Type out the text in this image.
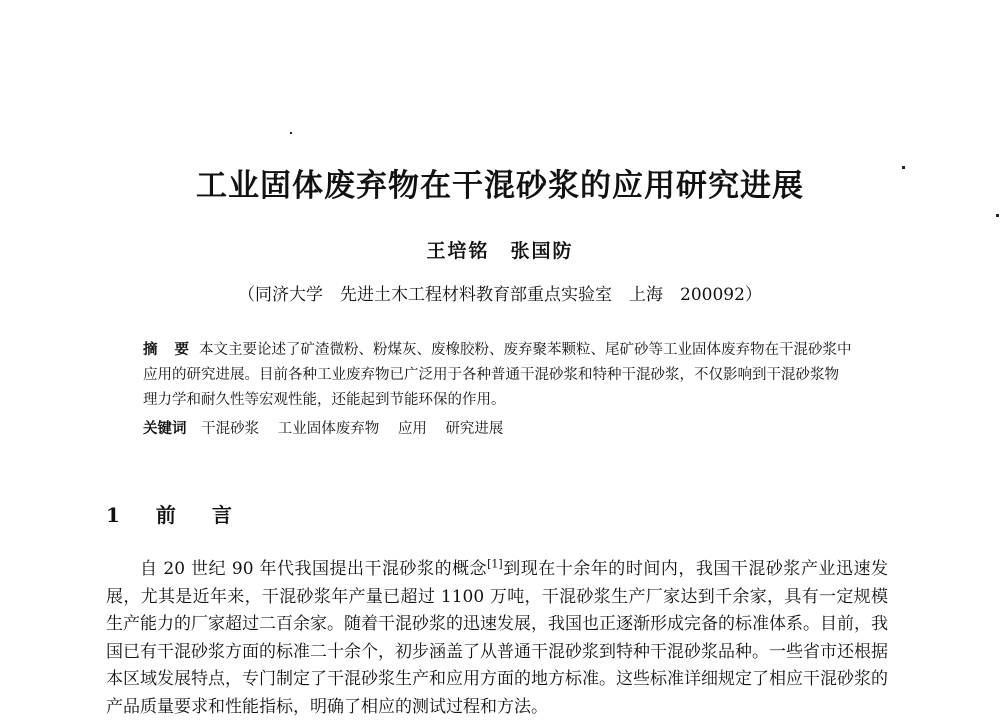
工业固体废弃物在干混砂浆的应用研究进展
王培铭　张国防
（同济大学　先进土木工程材料教育部重点实验室　上海　200092）
摘 要 本文主要论述了矿渣微粉、粉煤灰、废橡胶粉、废弃聚苯颗粒、尾矿砂等工业固体废弃物在干混砂浆中应用的研究进展。目前各种工业废弃物已广泛用于各种普通干混砂浆和特种干混砂浆，不仅影响到干混砂浆物理力学和耐久性等宏观性能，还能起到节能环保的作用。
关键词 干混砂浆 工业固体废弃物 应用 研究进展
1　前　言
自 20 世纪 90 年代我国提出干混砂浆的概念[1]到现在十余年的时间内，我国干混砂浆产业迅速发展，尤其是近年来，干混砂浆年产量已超过 1100 万吨，干混砂浆生产厂家达到千余家，具有一定规模生产能力的厂家超过二百余家。随着干混砂浆的迅速发展，我国也正逐渐形成完备的标准体系。目前，我国已有干混砂浆方面的标准二十余个，初步涵盖了从普通干混砂浆到特种干混砂浆品种。一些省市还根据本区域发展特点，专门制定了干混砂浆生产和应用方面的地方标准。这些标准详细规定了相应干混砂浆的产品质量要求和性能指标，明确了相应的测试过程和方法。
